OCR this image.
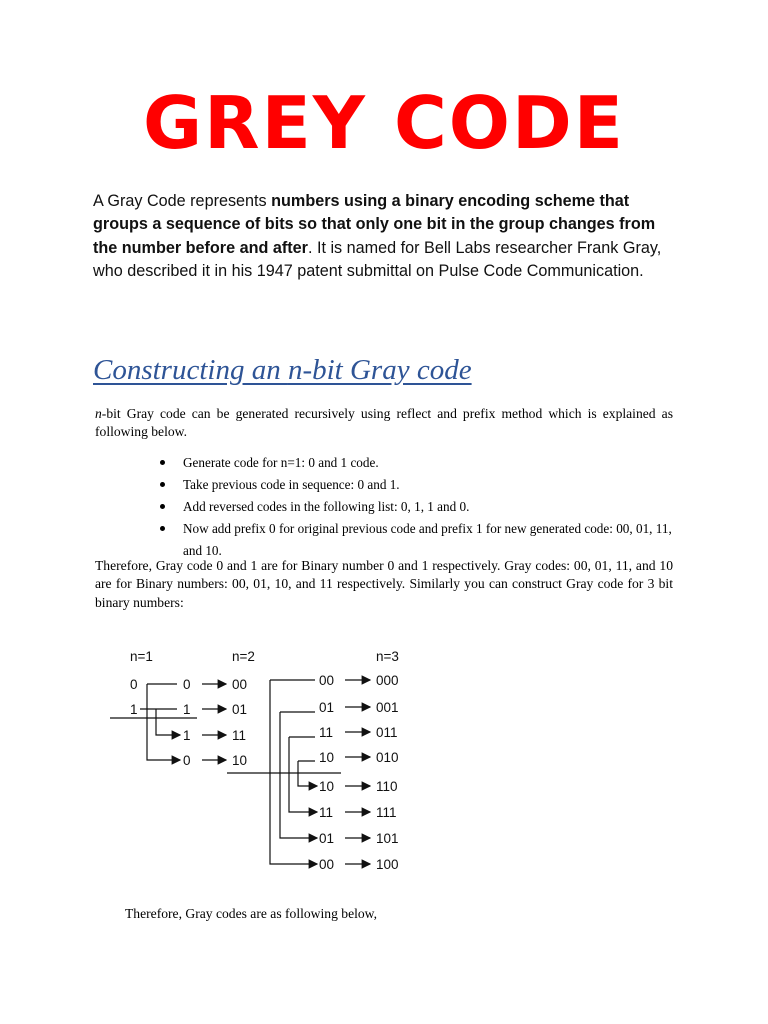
GREY CODE
A Gray Code represents numbers using a binary encoding scheme that groups a sequence of bits so that only one bit in the group changes from the number before and after. It is named for Bell Labs researcher Frank Gray, who described it in his 1947 patent submittal on Pulse Code Communication.
Constructing an n-bit Gray code
n-bit Gray code can be generated recursively using reflect and prefix method which is explained as following below.
Generate code for n=1: 0 and 1 code.
Take previous code in sequence: 0 and 1.
Add reversed codes in the following list: 0, 1, 1 and 0.
Now add prefix 0 for original previous code and prefix 1 for new generated code: 00, 01, 11, and 10.
Therefore, Gray code 0 and 1 are for Binary number 0 and 1 respectively. Gray codes: 00, 01, 11, and 10 are for Binary numbers: 00, 01, 10, and 11 respectively. Similarly you can construct Gray code for 3 bit binary numbers:
n=1	n=2	n=3
0
1
0
1
1
0
00
01
11
10
00
01
11
10
10
11
01
00
000
001
011
010
110
111
101
100
Therefore, Gray codes are as following below,
